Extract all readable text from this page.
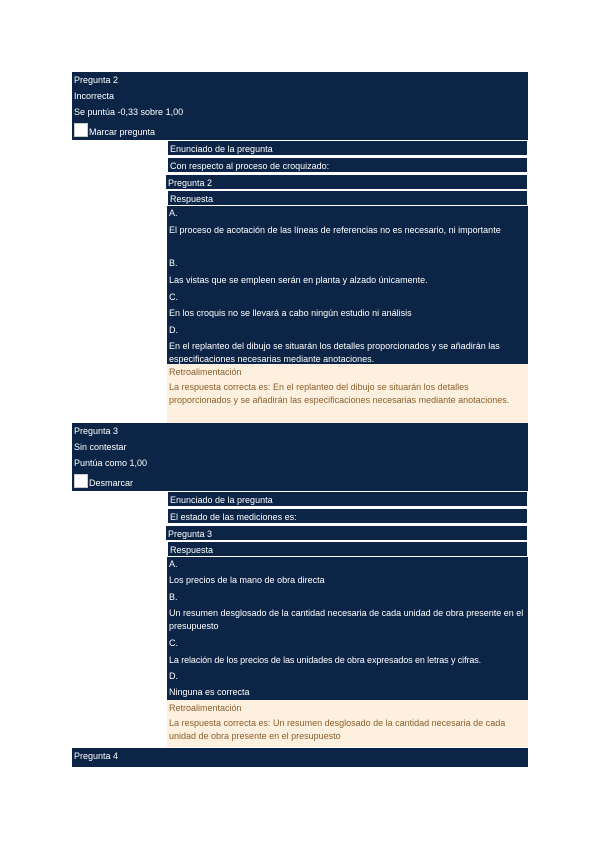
Pregunta 2
Incorrecta
Se puntúa -0,33 sobre 1,00
Marcar pregunta
Enunciado de la pregunta
Con respecto al proceso de croquizado:
Pregunta 2
Respuesta
A.
El proceso de acotación de las líneas de referencias no es necesario, ni importante
B.
Las vistas que se empleen serán en planta y alzado únicamente.
C.
En los croquis no se llevará a cabo ningún estudio ni análisis
D.
En el replanteo del dibujo se situarán los detalles proporcionados y se añadirán las especificaciones necesarias mediante anotaciones.
Retroalimentación
La respuesta correcta es: En el replanteo del dibujo se situarán los detalles proporcionados y se añadirán las especificaciones necesarias mediante anotaciones.
Pregunta 3
Sin contestar
Puntúa como 1,00
Desmarcar
Enunciado de la pregunta
El estado de las mediciones es:
Pregunta 3
Respuesta
A.
Los precios de la mano de obra directa
B.
Un resumen desglosado de la cantidad necesaria de cada unidad de obra presente en el presupuesto
C.
La relación de los precios de las unidades de obra expresados en letras y cifras.
D.
Ninguna es correcta
Retroalimentación
La respuesta correcta es: Un resumen desglosado de la cantidad necesaria de cada unidad de obra presente en el presupuesto
Pregunta 4
